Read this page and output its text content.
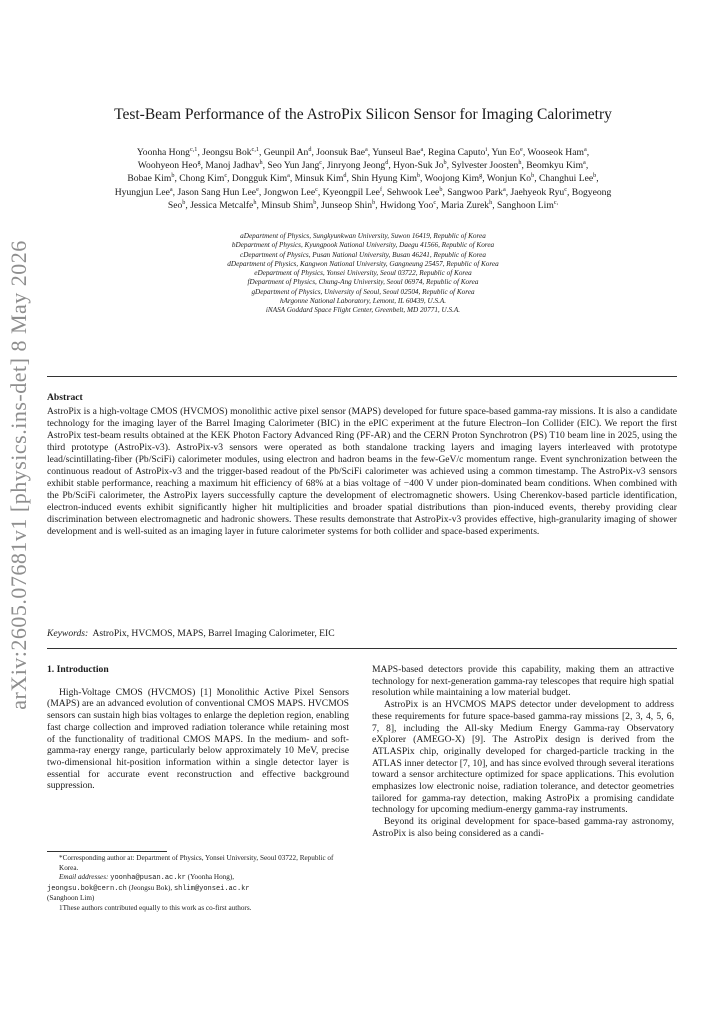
arXiv:2605.07681v1 [physics.ins-det] 8 May 2026
Test-Beam Performance of the AstroPix Silicon Sensor for Imaging Calorimetry
Yoonha Hong$^{c,1}$, Jeongsu Bok$^{c,1}$, Geunpil An$^d$, Joonsuk Bae$^a$, Yunseul Bae$^a$, Regina Caputo$^i$, Yun Eo$^e$, Wooseok Ham$^a$,
Woohyeon Heo$^g$, Manoj Jadhav$^h$, Seo Yun Jang$^c$, Jinryong Jeong$^d$, Hyon-Suk Jo$^b$, Sylvester Joosten$^h$, Beomkyu Kim$^a$,
Bobae Kim$^b$, Chong Kim$^c$, Dongguk Kim$^a$, Minsuk Kim$^d$, Shin Hyung Kim$^b$, Woojong Kim$^g$, Wonjun Ko$^b$, Changhui Lee$^b$,
Hyungjun Lee$^a$, Jason Sang Hun Lee$^e$, Jongwon Lee$^c$, Kyeongpil Lee$^f$, Sehwook Lee$^b$, Sangwoo Park$^a$, Jaehyeok Ryu$^c$, Bogyeong
Seo$^b$, Jessica Metcalfe$^h$, Minsub Shim$^b$, Junseop Shin$^b$, Hwidong Yoo$^c$, Maria Zurek$^h$, Sanghoon Lim$^{c,}$
aDepartment of Physics, Sungkyunkwan University, Suwon 16419, Republic of Korea
bDepartment of Physics, Kyungpook National University, Daegu 41566, Republic of Korea
cDepartment of Physics, Pusan National University, Busan 46241, Republic of Korea
dDepartment of Physics, Kangwon National University, Gangneung 25457, Republic of Korea
eDepartment of Physics, Yonsei University, Seoul 03722, Republic of Korea
fDepartment of Physics, Chung-Ang University, Seoul 06974, Republic of Korea
gDepartment of Physics, University of Seoul, Seoul 02504, Republic of Korea
hArgonne National Laboratory, Lemont, IL 60439, U.S.A.
iNASA Goddard Space Flight Center, Greenbelt, MD 20771, U.S.A.
Abstract

AstroPix is a high-voltage CMOS (HVCMOS) monolithic active pixel sensor (MAPS) developed for future space-based gamma-ray missions. It is also a candidate technology for the imaging layer of the Barrel Imaging Calorimeter (BIC) in the ePIC experiment at the future Electron–Ion Collider (EIC). We report the first AstroPix test-beam results obtained at the KEK Photon Factory Advanced Ring (PF-AR) and the CERN Proton Synchrotron (PS) T10 beam line in 2025, using the third prototype (AstroPix-v3). AstroPix-v3 sensors were operated as both standalone tracking layers and imaging layers interleaved with prototype lead/scintillating-fiber (Pb/SciFi) calorimeter modules, using electron and hadron beams in the few-GeV/c momentum range. Event synchronization between the continuous readout of AstroPix-v3 and the trigger-based readout of the Pb/SciFi calorimeter was achieved using a common timestamp. The AstroPix-v3 sensors exhibit stable performance, reaching a maximum hit efficiency of 68% at a bias voltage of −400 V under pion-dominated beam conditions. When combined with the Pb/SciFi calorimeter, the AstroPix layers successfully capture the development of electromagnetic showers. Using Cherenkov-based particle identification, electron-induced events exhibit significantly higher hit multiplicities and broader spatial distributions than pion-induced events, thereby providing clear discrimination between electromagnetic and hadronic showers. These results demonstrate that AstroPix-v3 provides effective, high-granularity imaging of shower development and is well-suited as an imaging layer in future calorimeter systems for both collider and space-based experiments.

Keywords: AstroPix, HVCMOS, MAPS, Barrel Imaging Calorimeter, EIC
1. Introduction

High-Voltage CMOS (HVCMOS) [1] Monolithic Active Pixel Sensors (MAPS) are an advanced evolution of conventional CMOS MAPS. HVCMOS sensors can sustain high bias voltages to enlarge the depletion region, enabling fast charge collection and improved radiation tolerance while retaining most of the functionality of traditional CMOS MAPS. In the medium- and soft-gamma-ray energy range, particularly below approximately 10 MeV, precise two-dimensional hit-position information within a single detector layer is essential for accurate event reconstruction and effective background suppression.

*Corresponding author at: Department of Physics, Yonsei University, Seoul 03722, Republic of Korea.
Email addresses: yoonha@pusan.ac.kr (Yoonha Hong),
jeongsu.bok@cern.ch (Jeongsu Bok), shlim@yonsei.ac.kr
(Sanghoon Lim)
1These authors contributed equally to this work as co-first authors.

MAPS-based detectors provide this capability, making them an attractive technology for next-generation gamma-ray telescopes that require high spatial resolution while maintaining a low material budget.

AstroPix is an HVCMOS MAPS detector under development to address these requirements for future space-based gamma-ray missions [2, 3, 4, 5, 6, 7, 8], including the All-sky Medium Energy Gamma-ray Observatory eXplorer (AMEGO-X) [9]. The AstroPix design is derived from the ATLASPix chip, originally developed for charged-particle tracking in the ATLAS inner detector [7, 10], and has since evolved through several iterations toward a sensor architecture optimized for space applications. This evolution emphasizes low electronic noise, radiation tolerance, and detector geometries tailored for gamma-ray detection, making AstroPix a promising candidate technology for upcoming medium-energy gamma-ray instruments.

Beyond its original development for space-based gamma-ray astronomy, AstroPix is also being considered as a candi-
